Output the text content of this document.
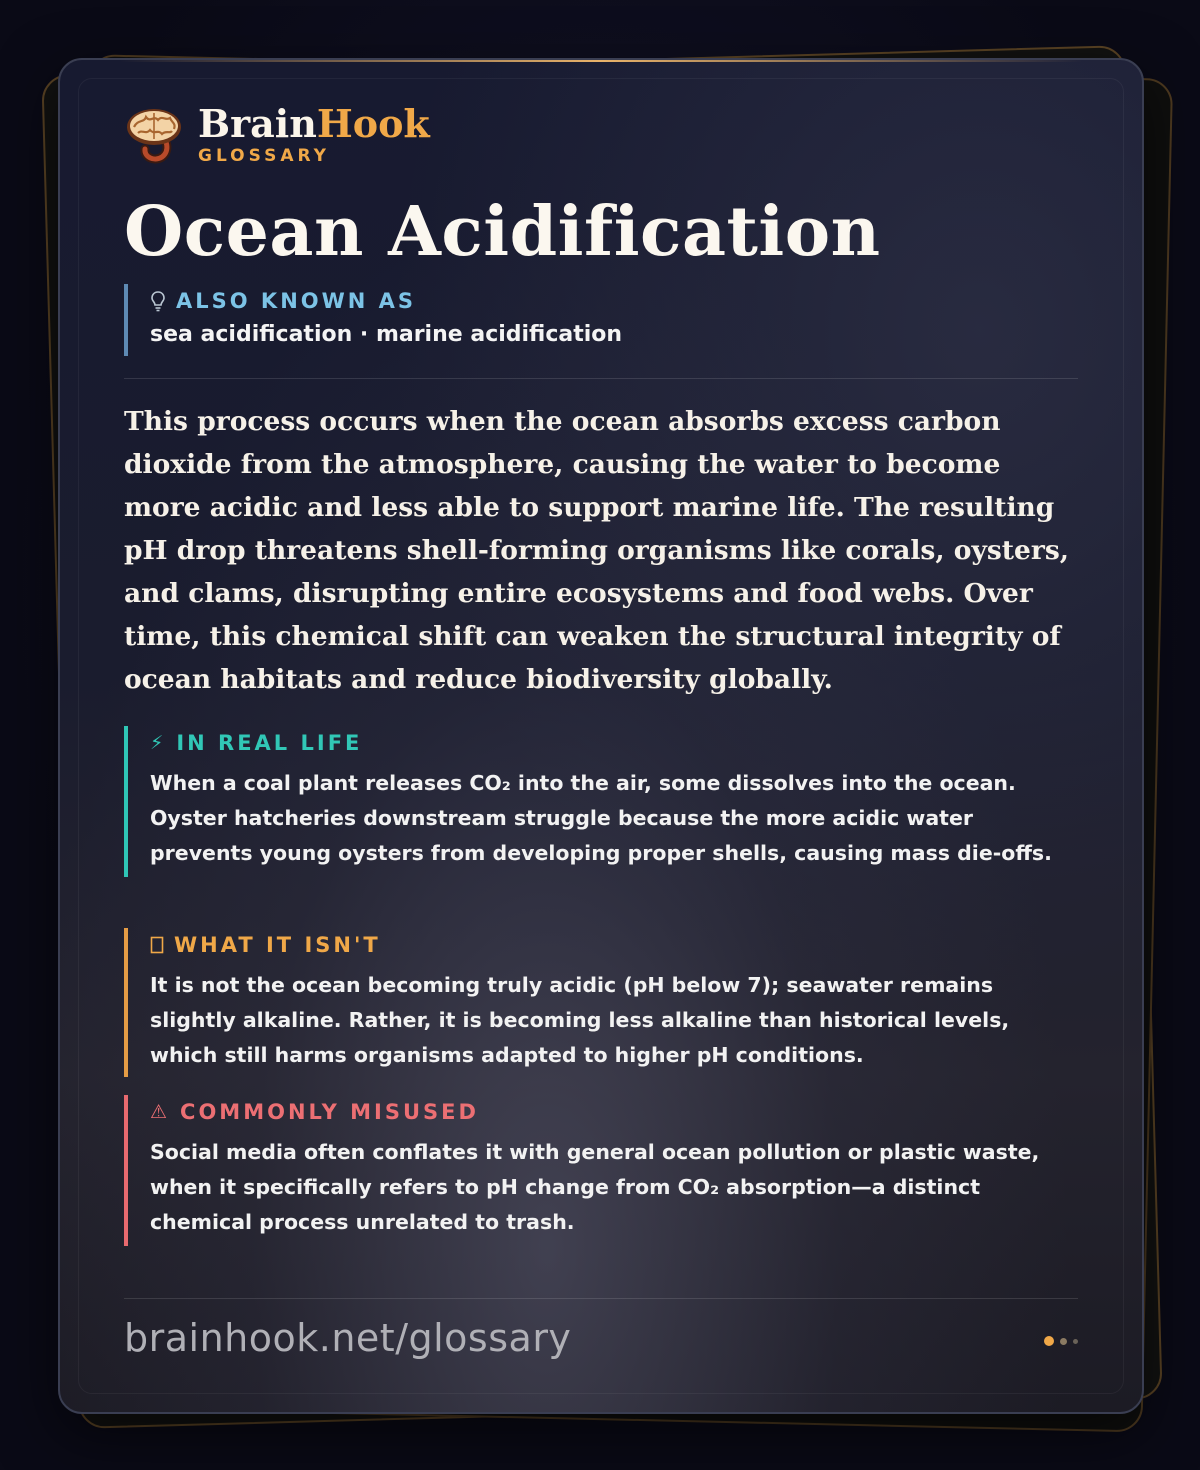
BrainHook
GLOSSARY
Ocean Acidification
ALSO KNOWN AS
sea acidification · marine acidification
This process occurs when the ocean absorbs excess carbon dioxide from the atmosphere, causing the water to become more acidic and less able to support marine life. The resulting pH drop threatens shell-forming organisms like corals, oysters, and clams, disrupting entire ecosystems and food webs. Over time, this chemical shift can weaken the structural integrity of ocean habitats and reduce biodiversity globally.
⚡ IN REAL LIFE
When a coal plant releases CO₂ into the air, some dissolves into the ocean. Oyster hatcheries downstream struggle because the more acidic water prevents young oysters from developing proper shells, causing mass die-offs.
WHAT IT ISN'T
It is not the ocean becoming truly acidic (pH below 7); seawater remains slightly alkaline. Rather, it is becoming less alkaline than historical levels, which still harms organisms adapted to higher pH conditions.
⚠ COMMONLY MISUSED
Social media often conflates it with general ocean pollution or plastic waste, when it specifically refers to pH change from CO₂ absorption—a distinct chemical process unrelated to trash.
brainhook.net/glossary
